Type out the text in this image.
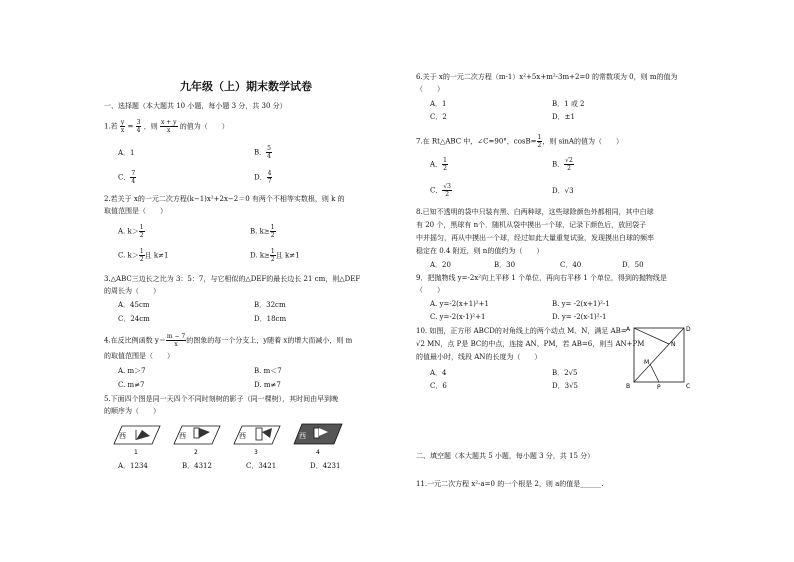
九年级（上）期末数学试卷
一、选择题（本大题共 10 小题，每小题 3 分，共 30 分）
1.若 $\frac{y}{x} = \frac{3}{4}$ ，则 $\frac{x + y}{x}$ 的值为（　　）
A．1	B． $\frac{5}{4}$
C． $\frac{7}{4}$	D． $\frac{4}{7}$
2.若关于 x的一元二次方程(k−1)x²+2x−2＝0 有两个不相等实数根，则 k 的
取值范围是（　　）
A. $k> \frac{1}{2}$	B. $k\ge \frac{1}{2}$
C. $k> \frac{1}{2}$ 且 k≠1	D. $k\ge \frac{1}{2}$ 且 k≠1
3.△ABC三边长之比为 3：5：7，与它相似的△DEF的最长边长 21 cm，则△DEF
的周长为（　　）
A．45cm	B．32cm
C．24cm	D．18cm
4.在反比例函数 $y= \frac{m - 7}{x}$ 的图象的每一个分支上，y随着 x的增大而减小，则 m
的取值范围是（　　）
A. m＞7	B. m＜7
C. m≠7	D. m≠7
5.下面四个图是同一天四个不同时刻树的影子（同一棵树），其时间由早到晚
的顺序为（　　）
西
1
西
2
西
3
西
4
A．1234	B．4312	C．3421	D．4231
6.关于 x的一元二次方程（m-1）x²+5x+m²-3m+2=0 的常数项为 0，则 m的值为
（　　）
A．1	B．1 或 2
C．2	D．±1
7.在 Rt△ABC 中，∠C=90°，$\cos B= \frac{1}{2}$ ，则 sinA的值为（　　）
A． $\frac{1}{2}$	B． $\frac{√2}{2}$
C． $\frac{√3}{2}$	D．√3
8.已知不透明的袋中只装有黑、白两种球，这些球除颜色外都相同，其中白球
有 20 个，黑球有 n个．随机从袋中摸出一个球，记录下颜色后，放回袋子
中并摇匀，再从中摸出一个球，经过如此大量重复试验，发现摸出白球的频率
稳定在 0.4 附近，则 n的值约为（　　）
A．20	B．30	C．40	D．50
9．把抛物线 y=-2x²向上平移 1 个单位，再向右平移 1 个单位，得到的抛物线是
（　　）
A. y=-2(x+1)²+1	B. y= -2(x+1)²-1
C. y=-2(x-1)²+1	D. y= -2(x-1)²-1
10. 如图，正方形 ABCD的对角线上的两个动点 M、N，满足 AB=
√2 MN，点 P是 BC的中点，连接 AN、PM，若 AB=6，则当 AN+PM
的值最小时，线段 AN的长度为（　　）
A．4	B．2√5
C．6	D．3√5
A	D
B	C
P
M
N
二、填空题（本大题共 5 小题，每小题 3 分，共 15 分）
11.一元二次方程 x²-a=0 的一个根是 2，则 a的值是______.
